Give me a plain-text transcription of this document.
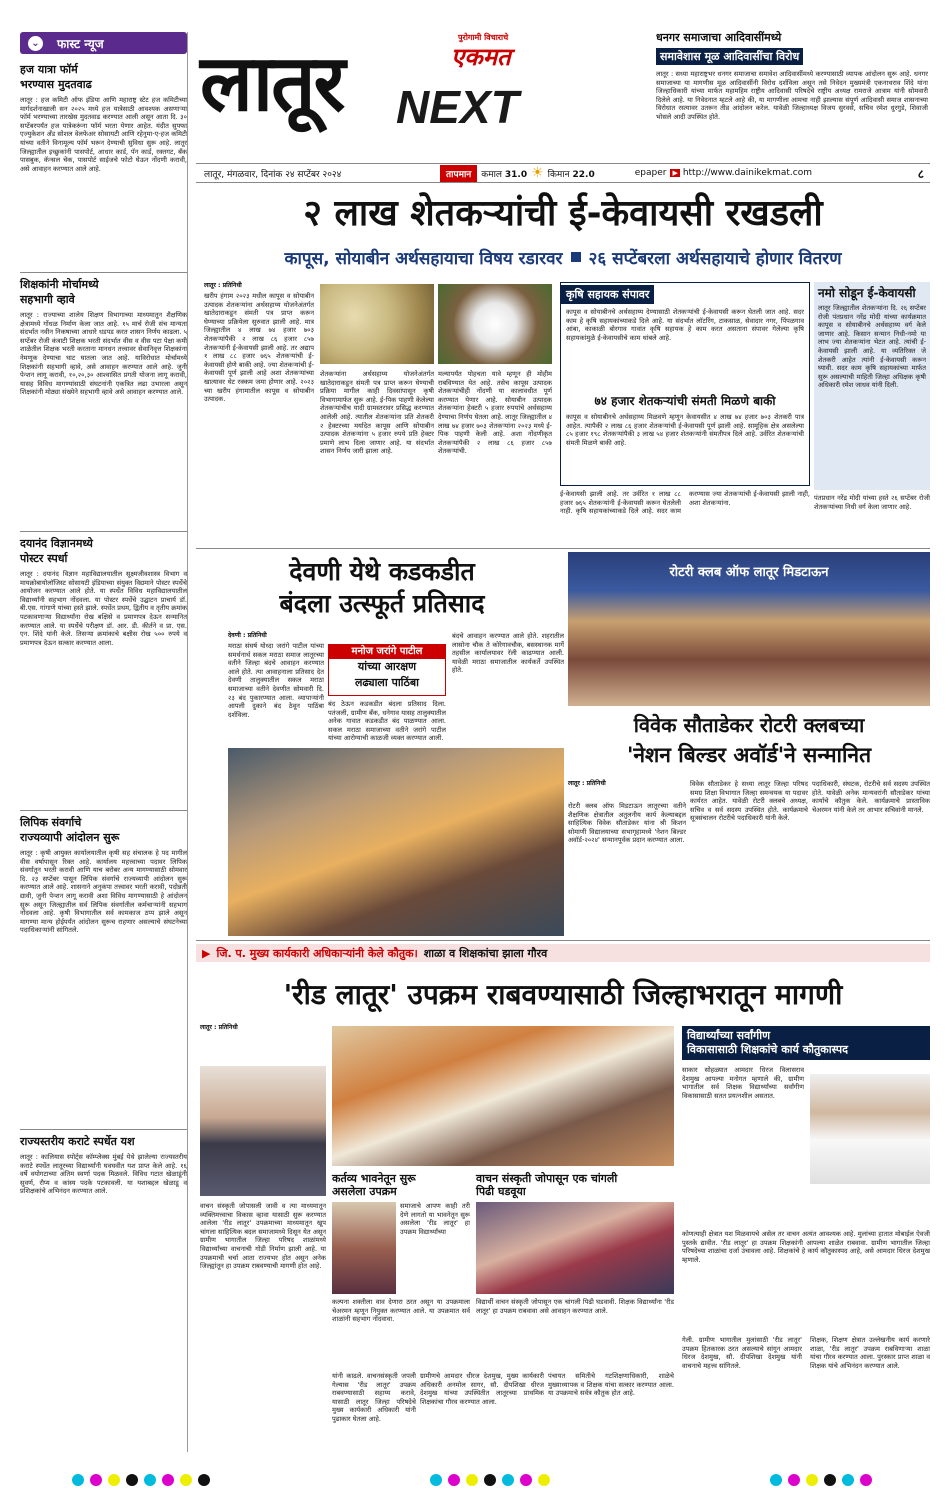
⌄ फास्ट न्यूज
हज यात्रा फॉर्म
भरण्यास मुदतवाढ
लातूर : हज कमिटी ऑफ इंडिया आणि महाराष्ट्र स्टेट हज कमिटीच्या मार्गदर्शनाखाली सन २०२५ मध्ये हज यात्रेसाठी आवश्यक असणाऱ्या फॉर्म भरण्याच्या तारखेस मुदतवाढ करण्यात आली असून आता दि. ३० सप्टेंबरपर्यंत हज यात्रेकरूंना फॉर्म भरता येणार आहेत. यंदीत सुफ्फा एज्युकेशन अँड सोशल वेलफेअर सोसायटी आणि रहेनुमा-ए-हज कमिटी यांच्या वतीने विनामूल्य फॉर्म भरून देण्याची सुविधा सुरू आहे. लातूर जिल्ह्यातील इच्छुकांनी पासपोर्ट, आधार कार्ड, पॅन कार्ड, रक्तगट, बँक पासबुक, कॅन्सल चेक, पासपोर्ट साईजचे फोटो घेऊन नोंदणी करावी, असे आवाहन करण्यात आले आहे.
शिक्षकांनी मोर्चामध्ये
सहभागी व्हावे
लातूर : राज्याच्या शालेय शिक्षण विभागाच्या माध्यमातून शैक्षणिक क्षेत्रामध्ये गोंधळ निर्माण केला जात आहे. १५ मार्च रोजी संच मान्यता संदर्भात नवीन निकषाच्या आधारे धडपड करत शासन निर्णय काढला. ५ सप्टेंबर रोजी कंत्राटी शिक्षक भरती संदर्भात वीस व वीस पटा पेक्षा कमी शाळेतील शिक्षक भरती करताना मानधन तत्त्वावर सेवानिवृत्त शिक्षकांना नेमणूक देण्याचा घाट घातला जात आहे. याविरोधात मोर्चामध्ये शिक्षकांनी सहभागी व्हावे, असे आवाहन करण्यात आले आहे. जुनी पेन्शन लागू करावी, १०,२०,३० आश्वासित प्रगती योजना लागू करावी, यासह विविध मागण्यांसाठी संघटनांनी एकत्रित लढा उभारला असून शिक्षकांनी मोठ्या संख्येने सहभागी व्हावे असे आवाहन करण्यात आले.
दयानंद विज्ञानमध्ये
पोस्टर स्पर्धा
लातूर : दयानंद विज्ञान महाविद्यालयातील सूक्ष्मजीवशास्त्र विभाग व मायक्रोबायोलॉजिस्ट सोसायटी इंडियाच्या संयुक्त विद्यमाने पोस्टर स्पर्धेचे आयोजन करण्यात आले होते. या स्पर्धेत विविध महाविद्यालयातील विद्यार्थ्यांनी सहभाग नोंदवला. या पोस्टर स्पर्धेचे उद्घाटन प्राचार्य डॉ. बी.एस. गांगाणे यांच्या हस्ते झाले. स्पर्धेत प्रथम, द्वितीय व तृतीय क्रमांक पटकावणाऱ्या विद्यार्थ्यांना रोख बक्षिसे व प्रमाणपत्र देऊन सन्मानित करण्यात आले. या स्पर्धेचे परीक्षण डॉ. आर. डी. कीर्तने व प्रा. एस. एन. शिंदे यांनी केले. तिसऱ्या क्रमांकाचे बक्षीस रोख ५०० रुपये व प्रमाणपत्र देऊन सत्कार करण्यात आला.
लिपिक संवर्गाचे
राज्यव्यापी आंदोलन सुरू
लातूर : कृषी आयुक्त कार्यालयातील कृषी सह संचालक हे पद मागील वीस वर्षापासून रिक्त आहे. कार्यालय महत्त्वाच्या पदावर लिपिक संवर्गातून भरती करावी आणि याच बरोबर अन्य मागण्यासाठी सोमवार दि. २३ सप्टेंबर पासून लिपिक संवर्गाचे राज्यव्यापी आंदोलन सुरू करण्यात आले आहे. शासनाने अनुकंपा तत्त्वावर भरती करावी, पदोन्नती द्यावी, जुनी पेन्शन लागू करावी अशा विविध मागण्यासाठी हे आंदोलन सुरू असून जिल्ह्यातील सर्व लिपिक संवर्गातील कर्मचाऱ्यांनी सहभाग नोंदवला आहे. कृषी विभागातील सर्व कामकाज ठप्प झाले असून मागण्या मान्य होईपर्यंत आंदोलन सुरूच राहणार असल्याचे संघटनेच्या पदाधिकाऱ्यांनी सांगितले.
राज्यस्तरीय कराटे स्पर्धेत यश
लातूर : कालियास स्पोर्ट्स कॉम्प्लेक्स मुंबई येथे झालेल्या राज्यस्तरीय कराटे स्पर्धेत लातूरच्या विद्यार्थ्यांनी घवघवीत यश प्राप्त केले आहे. १६ वर्षे वयोगटाच्या अंतिम स्वर्णा पदक मिळवले. विविध गटात खेळाडूंनी सुवर्ण, रौप्य व कांस्य पदके पटकावली. या यशाबद्दल खेळाडू व प्रशिक्षकांचे अभिनंदन करण्यात आले.
लातूर NEXT
पुरोगामी विचाराचे
एकमत
धनगर समाजाचा आदिवासींमध्ये
समावेशास मूळ आदिवासींचा विरोध
लातूर : सध्या महाराष्ट्रभर धनगर समाजाचा समावेश आदिवासींमध्ये करण्यासाठी व्यापक आंदोलन सुरू आहे. धनगर समाजाच्या या मागणीस मूळ आदिवासींनी विरोध दर्शविला असून तसे निवेदन मुख्यमंत्री एकनाथराव शिंदे यांना जिल्हाधिकारी यांच्या मार्फत महामहिम राष्ट्रीय आदिवासी परिषदेचे राष्ट्रीय अध्यक्ष रामराजे आत्राम यांनी सोमवारी दिलेले आहे. या निवेदनात म्हटले आहे की, या मागणीला आमचा नाही झाल्यास संपूर्ण आदिवासी समाज शासनाच्या विरोधात रस्त्यावर उतरून तीव्र आंदोलन करेल. यावेळी जिल्हाध्यक्ष विजय सुरवसे, सचिव रमेश धुरगुडे, शिवाजी भोसले आदी उपस्थित होते.
लातूर, मंगळवार, दिनांक २४ सप्टेंबर २०२४	तापमान	कमाल 31.0 ☀ किमान 22.0	epaper ▶ http://www.dainikekmat.com	८
२ लाख शेतकऱ्यांची ई-केवायसी रखडली
कापूस, सोयाबीन अर्थसहायाचा विषय रडारवर २६ सप्टेंबरला अर्थसहायाचे होणार वितरण
लातूर : प्रतिनिधी
खरीप हंगाम २०२३ मधील कापूस व सोयाबीन उत्पादक शेतकऱ्यांना अर्थसहाय्य योजनेअंतर्गत खातेदाराकडून संमती पत्र प्राप्त करून घेण्याच्या प्रक्रियेला सुरुवात झाली आहे. मात्र जिल्ह्यातील ४ लाख ७४ हजार ७०३ शेतकऱ्यांपैकी २ लाख ८६ हजार ८५७ शेतकऱ्यांनी ई-केवायसी झाली आहे. तर अद्याप १ लाख ८८ हजार ७६५ शेतकऱ्यांची ई-केवायसी होणे बाकी आहे. ज्या शेतकऱ्यांची ई-केवायसी पूर्ण झाली आहे अशा शेतकऱ्यांच्या खात्यावर थेट रक्कम जमा होणार आहे. २०२३ च्या खरीप हंगामातील कापूस व सोयाबीन उत्पादक.
शेतकऱ्यांना अर्थसहाय्य योजनेअंतर्गत खातेदाराकडून संमती पत्र प्राप्त करून घेण्याची प्रक्रिया मागील काही दिवसांपासून कृषी विभागामार्फत सुरू आहे. ई-पिक पाहणी केलेल्या शेतकऱ्यांचीच यादी ग्रामस्तरावर प्रसिद्ध करण्यात आलेली आहे. त्यातील शेतकऱ्यांना प्रति शेतकरी २ हेक्टरच्या मर्यादेत कापूस आणि सोयाबीन उत्पादक शेतकऱ्यांना ५ हजार रुपये प्रति हेक्टर प्रमाणे लाभ दिला जाणार आहे. या संदर्भात शासन निर्णय जारी झाला आहे.
मल्यापर्यंत पोहचता यावे म्हणून ही मोहीम राबविण्यात येत आहे. तसेच कापूस उत्पादक शेतकऱ्यांचीही नोंदणी या कालावधीत पूर्ण करण्यात येणार आहे. सोयाबीन उत्पादक शेतकऱ्यांना हेक्टरी ५ हजार रुपयांचे अर्थसहाय्य देण्याचा निर्णय घेतला आहे. लातूर जिल्ह्यातील ४ लाख ७४ हजार ७०३ शेतकऱ्यांना २०२३ मध्ये ई-पिक पाहणी केली आहे. अशा नोंदणीकृत शेतकऱ्यांपैकी २ लाख ८६ हजार ८५७ शेतकऱ्यांची.
कृषि सहायक संपावर
कापूस व सोयाबीनचे अर्थसहाय्य देण्यासाठी शेतकऱ्यांची ई-केवायसी करून घेतली जात आहे. सदर काम हे कृषि सहायकांच्याकडे दिले आहे. या संदर्भात लॉटरिंग, टाकसाळ, सेवादार नगर, पिंपळगाव आंबा, काकाळी बोरगाव गावांत कृषि सहायक हे काम करत असताना संपावर गेलेल्या कृषि सहायकांमुळे ई-केवायसीचे काम थांबले आहे.
७४ हजार शेतकऱ्यांची संमती मिळणे बाकी
कापूस व सोयाबीनचे अर्थसहाय्य मिळवणे म्हणून केवायसीत ४ लाख ७४ हजार ७०३ शेतकरी पात्र आहेत. त्यापैकी २ लाख ८६ हजार शेतकऱ्यांची ई-केवायसी पूर्ण झाली आहे. सामूहिक क्षेत्र असलेल्या ८५ हजार १९८ शेतकऱ्यांपैकी ३ लाख ५४ हजार शेतकऱ्यांनी संमतीपत्र दिले आहे. उर्वरित शेतकऱ्यांची संमती मिळणे बाकी आहे.
ई-केवायसी झाली आहे. तर उर्वरित १ लाख ८८ हजार ७६५ शेतकऱ्यांनी ई-केवायसी करून घेतलेली नाही. कृषि सहायकांच्याकडे दिले आहे. सदर काम करण्यास ज्या शेतकऱ्यांची ई-केवायसी झाली नाही, अशा शेतकऱ्यांना.
नमो सोडून ई-केवायसी
लातूर जिल्ह्यातील शेतकऱ्यांना दि. २६ सप्टेंबर रोजी पंतप्रधान नरेंद्र मोदी यांच्या कार्यक्रमात कापूस व सोयाबीनचे अर्थसहाय्य वर्ग केले जाणार आहे. किसान सन्मान निधी-नमो या लाभ ज्या शेतकऱ्यांना भेटत आहे. त्यांची ई-केवायसी झाली आहे. या व्यतिरिक्त जे शेतकरी आहेत त्यांनी ई-केवायसी करून घ्यावी. सदर काम कृषि सहायकांच्या मार्फत सुरू असल्याची माहिती जिल्हा अधिक्षक कृषी अधिकारी रमेश जाधव यांनी दिली.
पंतप्रधान नरेंद्र मोदी यांच्या हस्ते २६ सप्टेंबर रोजी शेतकऱ्यांच्या निधी वर्ग केला जाणार आहे.
देवणी येथे कडकडीत
बंदला उत्स्फूर्त प्रतिसाद
देवणी : प्रतिनिधी
मराठा संघर्ष योध्दा जरांगे पाटील यांच्या समर्थनार्थ सकल मराठा समाज लातूरच्या वतीने जिल्हा बंदचे आवाहन करण्यात आले होते. त्या आवाहनाला प्रतिसाद देत देवणी तालुक्यातील सकल मराठा समाजाच्या वतीने देवणीत सोमवारी दि. २३ बंद पुकारण्यात आला. व्यापाऱ्यांनी आपली दुकाने बंद ठेवून पाठिंबा दर्शविला.
मनोज जरांगे पाटील
यांच्या आरक्षण
लढ्याला पाठिंबा
बंद ठेऊन कडकडीत बंदला प्रतिसाद दिला. पतंजली, ग्रामीण बँक, धनेगाव यासह तालुक्यातील अनेक गावात कडकडीत बंद पाळण्यात आला. सकल मराठा समाजाच्या वतीने जरांगे पाटील यांच्या आरोग्याची काळजी व्यक्त करण्यात आली.
बंदचे आवाहन करण्यात आले होते. शहरातील लासोना चौक ते कोरेगावचौक, बसस्थानक मार्गे तहसील कार्यालयावर रॅली काढण्यात आली. यावेळी मराठा समाजातील कार्यकर्ते उपस्थित होते.
रोटरी क्लब ऑफ लातूर मिडटाऊन
विवेक सौताडेकर रोटरी क्लबच्या
'नेशन बिल्डर अवॉर्ड'ने सन्मानित
लातूर : प्रतिनिधी
रोटरी क्लब ऑफ मिडटाऊन लातूरच्या वतीने शैक्षणिक क्षेत्रातील अतुलनीय कार्य केल्याबद्दल साहित्यिक विवेक सौताडेकर यांना श्री किशन सोमाणी विद्यालयाच्या सभागृहामध्ये 'नेशन बिल्डर अवॉर्ड-२०२४' सन्मानपूर्वक प्रदान करण्यात आला.
विवेक सौताडेकर हे सध्या लातूर जिल्हा परिषद समग्र शिक्षा विभागात जिल्हा समन्वयक या पदावर कार्यरत आहेत. यावेळी रोटरी क्लबचे अध्यक्ष, सचिव व सर्व सदस्य उपस्थित होते. कार्यक्रमाचे सूत्रसंचालन रोटरीचे पदाधिकारी यांनी केले.
पदाधिकारी, संघटक, रोटरीचे सर्व सदस्य उपस्थित होते. यावेळी अनेक मान्यवरांनी सौताडेकर यांच्या कार्याचे कौतुक केले. कार्यक्रमाचे प्रास्ताविक चेअरमन यांनी केले तर आभार सचिवांनी मानले.
▶ जि. प. मुख्य कार्यकारी अधिकाऱ्यांनी केले कौतुक। शाळा व शिक्षकांचा झाला गौरव
'रीड लातूर' उपक्रम राबवण्यासाठी जिल्हाभरातून मागणी
लातूर : प्रतिनिधी
वाचन संस्कृती जोपासली जावी व त्या माध्यमातून व्यक्तिमत्त्वाचा विकास व्हावा यासाठी सुरू करण्यात आलेला 'रीड लातूर' उपक्रमाच्या माध्यमातून खूप चांगला साहित्यिक बदल समाजामध्ये दिसून येत असून ग्रामीण भागातील जिल्हा परिषद शाळांमध्ये विद्यार्थ्यांच्या वाचनाची गोडी निर्माण झाली आहे. या उपक्रमाची चर्चा आता राज्यभर होत असून अनेक जिल्ह्यांतून हा उपक्रम राबवण्याची मागणी होत आहे.
कर्तव्य भावनेतून सुरू
असलेला उपक्रम
समाजाचे आपण काही तरी देणे लागतो या भावनेतून सुरू असलेला 'रीड लातूर' हा उपक्रम विद्यार्थ्यांच्या
कल्पना शक्तीला वाव देणारा ठरत असून या उपक्रमाला चेअरमन म्हणून नियुक्त करण्यात आले. या उपक्रमात सर्व शाळांनी सहभाग नोंदवावा.
वाचन संस्कृती जोपासून एक चांगली
पिढी घडवूया
विद्यार्थी वाचन संस्कृती जोपासून एक चांगली पिढी घडवावी. शिक्षक विद्यार्थ्यांना 'रीड लातूर' हा उपक्रम राबवावा असे आवाहन करण्यात आले.
यांनी काढले. वाचनसंस्कृती जपली गेल्यास 'रीड लातूर' उपक्रम राबवण्यासाठी सहाय्य करावे, यासाठी लातूर जिल्हा परिषदेचे मुख्य कार्यकारी अधिकारी यांनी पुढाकार घेतला आहे.
ग्रामीणचे आमदार धीरज देशमुख, मुख्य कार्यकारी अधिकारी अनमोल सागर, सौ. दीपशिखा धीरज देशमुख यांच्या उपस्थितीत लातूरच्या प्राथमिक शिक्षकांचा गौरव करण्यात आला.
पंचायत समितीचे गटशिक्षणाधिकारी, शाळेचे मुख्याध्यापक व शिक्षक यांचा सत्कार करण्यात आला. या उपक्रमाचे सर्वत्र कौतुक होत आहे.
विद्यार्थ्यांच्या सर्वांगीण
विकासासाठी शिक्षकांचे कार्य कौतुकास्पद
साकार सोहळ्यात आमदार धिरज विलासराव देशमुख आपल्या मनोगत म्हणाले की, ग्रामीण भागातील सर्व शिक्षक विद्यार्थ्यांच्या सर्वांगीण विकासासाठी सतत प्रयत्नशील असतात.
कोणत्याही क्षेत्रात यश मिळवायचे असेल तर वाचन अत्यंत आवश्यक आहे. मुलांच्या हातात मोबाईल ऐवजी पुस्तके द्यावीत. 'रीड लातूर' हा उपक्रम शिक्षकांनी आपल्या शाळेत राबवावा. ग्रामीण भागातील जिल्हा परिषदेच्या शाळांचा दर्जा उंचावला आहे. शिक्षकांचे हे कार्य कौतुकास्पद आहे, असे आमदार धिरज देशमुख म्हणाले.
गेली. ग्रामीण भागातील मुलांसाठी 'रीड लातूर' उपक्रम हितकारक ठरत असल्याचे सांगून आमदार धिरज देशमुख, सौ. दीपशिखा देशमुख यांनी वाचनाचे महत्त्व सांगितले.
शिक्षक, शिक्षण क्षेत्रात उल्लेखनीय कार्य करणारे शाळा, 'रीड लातूर' उपक्रम राबविणाऱ्या शाळा यांचा गौरव करण्यात आला. पुरस्कार प्राप्त शाळा व शिक्षक यांचे अभिनंदन करण्यात आले.
